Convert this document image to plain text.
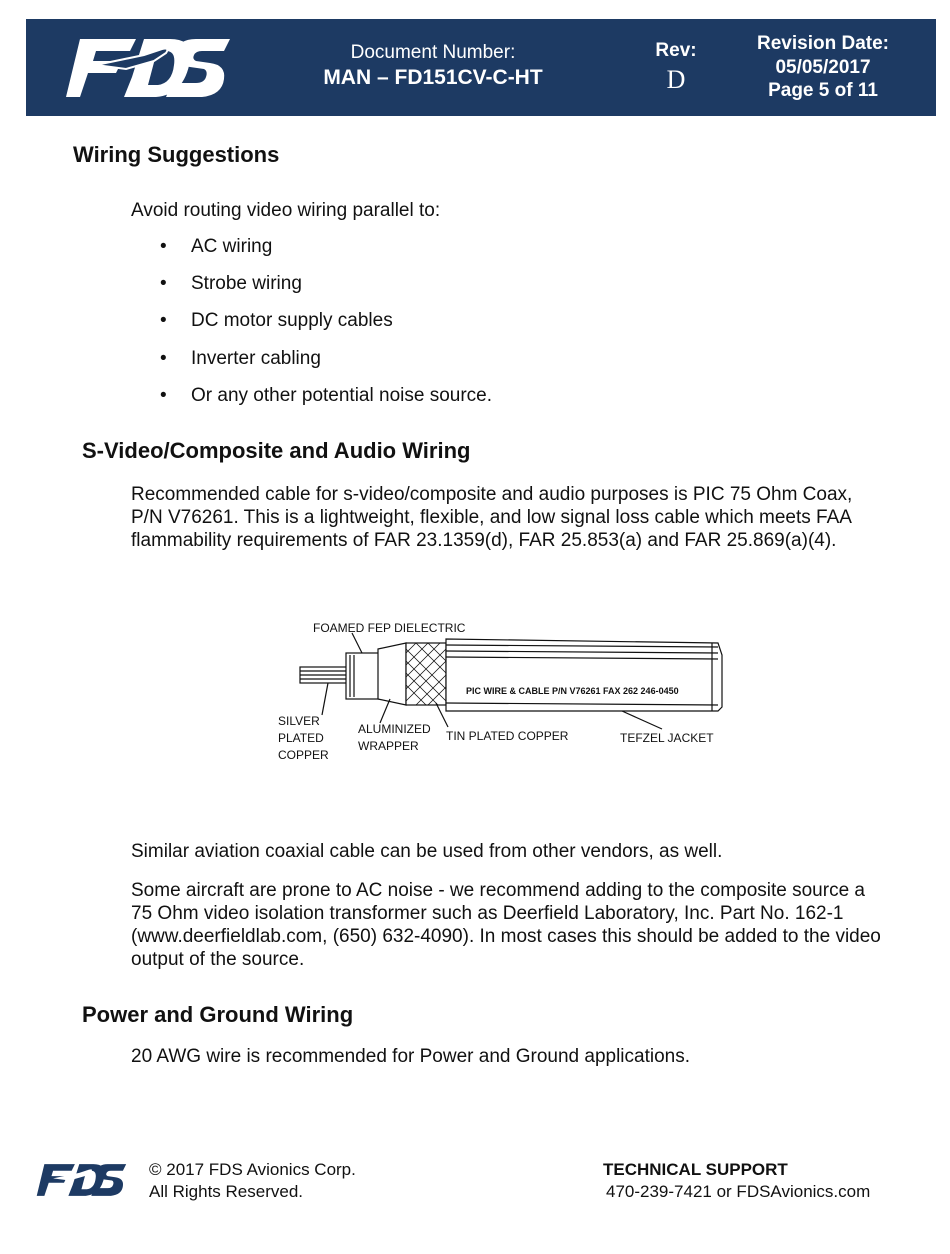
Document Number:
MAN – FD151CV-C-HT
Rev:
D
Revision Date:
05/05/2017
Page 5 of 11
Wiring Suggestions

Avoid routing video wiring parallel to:

• AC wiring
• Strobe wiring
• DC motor supply cables
• Inverter cabling
• Or any other potential noise source.
S-Video/Composite and Audio Wiring
Recommended cable for s-video/composite and audio purposes is PIC 75 Ohm Coax,
P/N V76261. This is a lightweight, flexible, and low signal loss cable which meets FAA
flammability requirements of FAR 23.1359(d), FAR 25.853(a) and FAR 25.869(a)(4).
FOAMED FEP DIELECTRIC
PIC WIRE & CABLE P/N V76261 FAX 262 246-0450
SILVER PLATED COPPER
ALUMINIZED WRAPPER
TIN PLATED COPPER	TEFZEL JACKET

Similar aviation coaxial cable can be used from other vendors, as well.

Some aircraft are prone to AC noise - we recommend adding to the composite source a
75 Ohm video isolation transformer such as Deerfield Laboratory, Inc. Part No. 162-1
(www.deerfieldlab.com, (650) 632-4090). In most cases this should be added to the video
output of the source.
Power and Ground Wiring

20 AWG wire is recommended for Power and Ground applications.

© 2017 FDS Avionics Corp.
All Rights Reserved.
TECHNICAL SUPPORT
470-239-7421 or FDSAvionics.com
